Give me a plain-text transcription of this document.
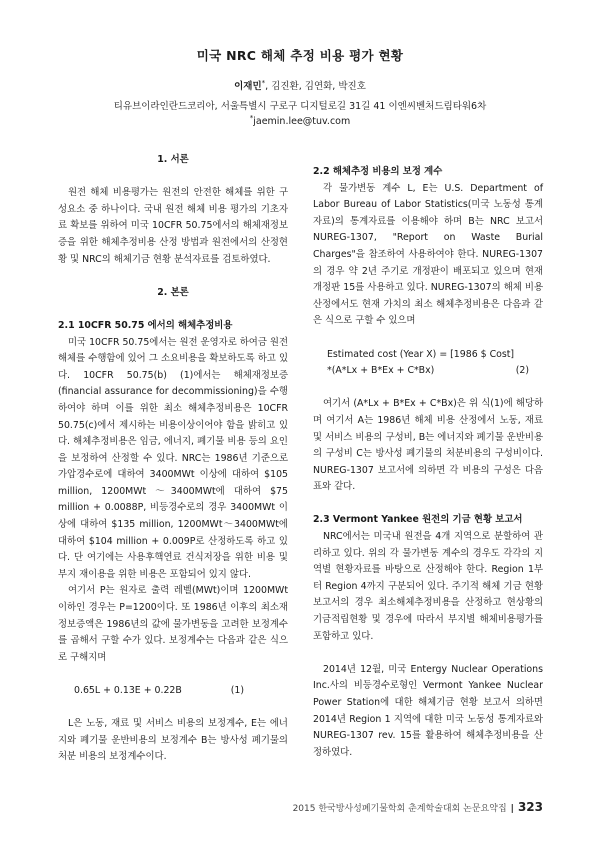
미국 NRC 해체 추정 비용 평가 현황
이재민*, 김진환, 김연화, 박진호
티유브이라인란드코리아, 서울특별시 구로구 디지털로길 31길 41 이엔씨벤처드림타워6차
*jaemin.lee@tuv.com
1. 서론

원전 해체 비용평가는 원전의 안전한 해체를 위한 구성요소 중 하나이다. 국내 원전 해체 비용 평가의 기초자료 확보를 위하여 미국 10CFR 50.75에서의 해체재정보증을 위한 해체추정비용 산정 방법과 원전에서의 산정현황 및 NRC의 해체기금 현황 분석자료를 검토하였다.

2. 본론
2.1 10CFR 50.75 에서의 해체추정비용

미국 10CFR 50.75에서는 원전 운영자로 하여금 원전 해체를 수행함에 있어 그 소요비용을 확보하도록 하고 있다. 10CFR 50.75(b) (1)에서는 해체재정보증(financial assurance for decommissioning)을 수행하여야 하며 이를 위한 최소 해체추정비용은 10CFR 50.75(c)에서 제시하는 비용이상이어야 함을 밝히고 있다. 해체추정비용은 임금, 에너지, 폐기물 비용 등의 요인을 보정하여 산정할 수 있다. NRC는 1986년 기준으로 가압경수로에 대하여 3400MWt 이상에 대하여 $105 million, 1200MWt ～3400MWt에 대하여 $75 million + 0.0088P, 비등경수로의 경우 3400MWt 이상에 대하여 $135 million, 1200MWt～3400MWt에 대하여 $104 million + 0.009P로 산정하도록 하고 있다. 단 여기에는 사용후핵연료 건식저장을 위한 비용 및 부지 재이용을 위한 비용은 포함되어 있지 않다.

여기서 P는 원자로 출력 레벨(MWt)이며 1200MWt 이하인 경우는 P=1200이다. 또 1986년 이후의 최소재정보증액은 1986년의 값에 물가변동을 고려한 보정계수를 곱해서 구할 수가 있다. 보정계수는 다음과 같은 식으로 구해지며

0.65L + 0.13E + 0.22B	(1)

L은 노동, 재료 및 서비스 비용의 보정계수, E는 에너지와 폐기물 운반비용의 보정계수 B는 방사성 폐기물의 처분 비용의 보정계수이다.

2.2 해체추정 비용의 보정 계수

각 물가변동 계수 L, E는 U.S. Department of Labor Bureau of Labor Statistics(미국 노동성 통계자료)의 통계자료를 이용해야 하며 B는 NRC 보고서 NUREG-1307, "Report on Waste Burial Charges"을 참조하여 사용하여야 한다. NUREG-1307의 경우 약 2년 주기로 개정판이 배포되고 있으며 현재 개정판 15를 사용하고 있다. NUREG-1307의 해체 비용 산정에서도 현재 가치의 최소 해체추정비용은 다음과 같은 식으로 구할 수 있으며

Estimated cost (Year X) = [1986 $ Cost]
*(A*Lx + B*Ex + C*Bx)	(2)

여기서 (A*Lx + B*Ex + C*Bx)은 위 식(1)에 해당하며 여기서 A는 1986년 해체 비용 산정에서 노동, 재료 및 서비스 비용의 구성비, B는 에너지와 폐기물 운반비용의 구성비 C는 방사성 폐기물의 처분비용의 구성비이다. NUREG-1307 보고서에 의하면 각 비용의 구성은 다음 표와 같다.

2.3 Vermont Yankee 원전의 기금 현황 보고서

NRC에서는 미국내 원전을 4개 지역으로 분할하여 관리하고 있다. 위의 각 물가변동 계수의 경우도 각각의 지역별 현황자료를 바탕으로 산정해야 한다. Region 1부터 Region 4까지 구분되어 있다. 주기적 해체 기금 현황 보고서의 경우 최소해체추정비용을 산정하고 현상황의 기금적립현황 및 경우에 따라서 부지별 해체비용평가를 포함하고 있다.

2014년 12월, 미국 Entergy Nuclear Operations Inc.사의 비등경수로형인 Vermont Yankee Nuclear Power Station에 대한 해체기금 현황 보고서 의하면 2014년 Region 1 지역에 대한 미국 노동성 통계자료와 NUREG-1307 rev. 15를 활용하여 해체추정비용을 산정하였다.

2015 한국방사성폐기물학회 춘계학술대회 논문요약집 | 323
